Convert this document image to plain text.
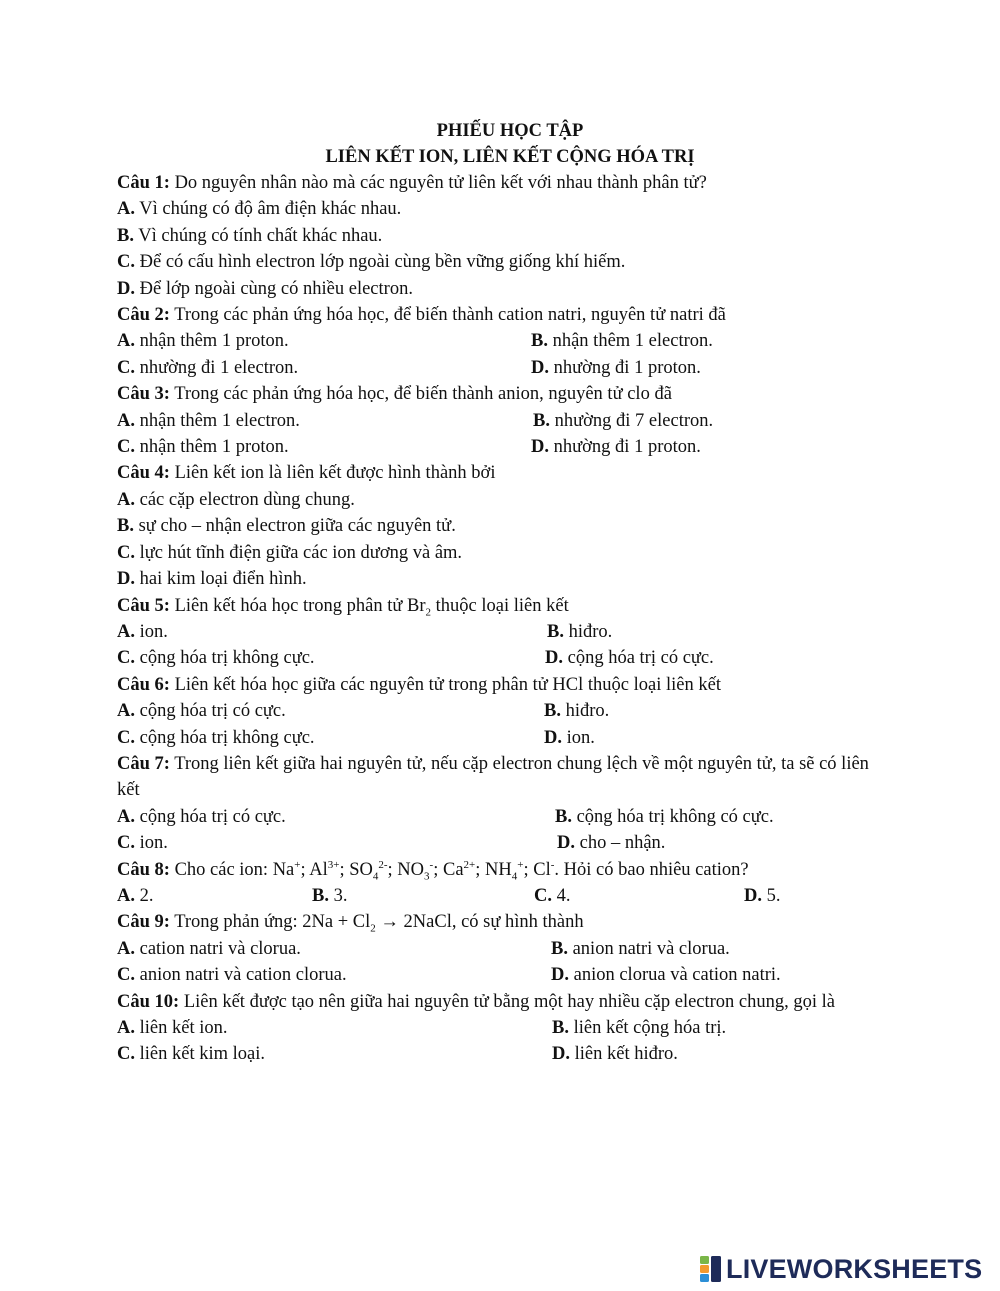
PHIẾU HỌC TẬP
LIÊN KẾT ION, LIÊN KẾT CỘNG HÓA TRỊ
Câu 1: Do nguyên nhân nào mà các nguyên tử liên kết với nhau thành phân tử?
A. Vì chúng có độ âm điện khác nhau.
B. Vì chúng có tính chất khác nhau.
C. Để có cấu hình electron lớp ngoài cùng bền vững giống khí hiếm.
D. Để lớp ngoài cùng có nhiều electron.
Câu 2: Trong các phản ứng hóa học, để biến thành cation natri, nguyên tử natri đã
A. nhận thêm 1 proton.	B. nhận thêm 1 electron.
C. nhường đi 1 electron.	D. nhường đi 1 proton.
Câu 3: Trong các phản ứng hóa học, để biến thành anion, nguyên tử clo đã
A. nhận thêm 1 electron.	B. nhường đi 7 electron.
C. nhận thêm 1 proton.	D. nhường đi 1 proton.
Câu 4: Liên kết ion là liên kết được hình thành bởi
A. các cặp electron dùng chung.
B. sự cho – nhận electron giữa các nguyên tử.
C. lực hút tĩnh điện giữa các ion dương và âm.
D. hai kim loại điển hình.
Câu 5: Liên kết hóa học trong phân tử $Br_2$ thuộc loại liên kết
A. ion.	B. hiđro.
C. cộng hóa trị không cực.	D. cộng hóa trị có cực.
Câu 6: Liên kết hóa học giữa các nguyên tử trong phân tử HCl thuộc loại liên kết
A. cộng hóa trị có cực.	B. hiđro.
C. cộng hóa trị không cực.	D. ion.
Câu 7: Trong liên kết giữa hai nguyên tử, nếu cặp electron chung lệch về một nguyên tử, ta sẽ có liên kết
A. cộng hóa trị có cực.	B. cộng hóa trị không có cực.
C. ion.	D. cho – nhận.
Câu 8: Cho các ion: Na+; $Al^{3+}$; $SO_4^{2-}$; $NO_3^-$; $Ca^{2+}$; $NH_4^+$; Cl-. Hỏi có bao nhiêu cation?
A. 2.	B. 3.	C. 4.	D. 5.
Câu 9: Trong phản ứng: $2Na + Cl_2$ → 2NaCl, có sự hình thành
A. cation natri và clorua.	B. anion natri và clorua.
C. anion natri và cation clorua.	D. anion clorua và cation natri.
Câu 10: Liên kết được tạo nên giữa hai nguyên tử bằng một hay nhiều cặp electron chung, gọi là
A. liên kết ion.	B. liên kết cộng hóa trị.
C. liên kết kim loại.	D. liên kết hiđro.
LIVEWORKSHEETS
